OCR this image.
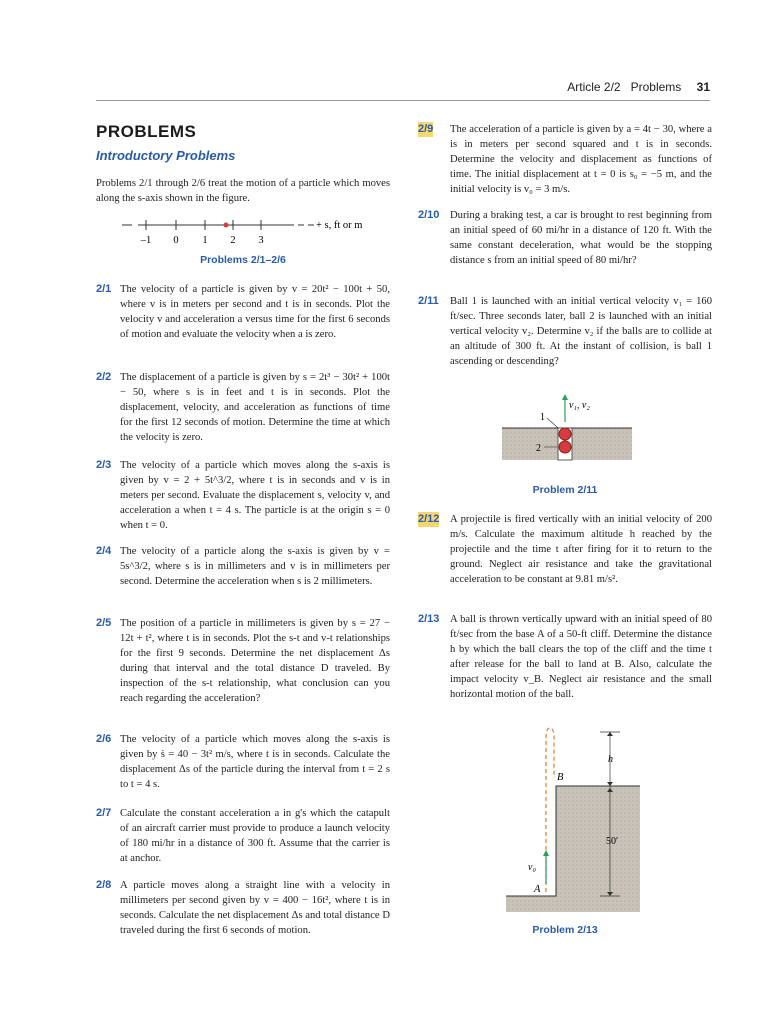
Article 2/2 Problems 31
PROBLEMS
Introductory Problems
Problems 2/1 through 2/6 treat the motion of a particle which moves along the s-axis shown in the figure.
–1 0 1 2 3
+ s, ft or m
Problems 2/1–2/6
2/1 The velocity of a particle is given by v = 20t² − 100t + 50, where v is in meters per second and t is in seconds. Plot the velocity v and acceleration a versus time for the first 6 seconds of motion and evaluate the velocity when a is zero.
2/2 The displacement of a particle is given by s = 2t³ − 30t² + 100t − 50, where s is in feet and t is in seconds. Plot the displacement, velocity, and acceleration as functions of time for the first 12 seconds of motion. Determine the time at which the velocity is zero.
2/3 The velocity of a particle which moves along the s-axis is given by v = 2 + 5t^3/2, where t is in seconds and v is in meters per second. Evaluate the displacement s, velocity v, and acceleration a when t = 4 s. The particle is at the origin s = 0 when t = 0.
2/4 The velocity of a particle along the s-axis is given by v = 5s^3/2, where s is in millimeters and v is in millimeters per second. Determine the acceleration when s is 2 millimeters.
2/5 The position of a particle in millimeters is given by s = 27 − 12t + t², where t is in seconds. Plot the s-t and v-t relationships for the first 9 seconds. Determine the net displacement Δs during that interval and the total distance D traveled. By inspection of the s-t relationship, what conclusion can you reach regarding the acceleration?
2/6 The velocity of a particle which moves along the s-axis is given by ṡ = 40 − 3t² m/s, where t is in seconds. Calculate the displacement Δs of the particle during the interval from t = 2 s to t = 4 s.
2/7 Calculate the constant acceleration a in g's which the catapult of an aircraft carrier must provide to produce a launch velocity of 180 mi/hr in a distance of 300 ft. Assume that the carrier is at anchor.
2/8 A particle moves along a straight line with a velocity in millimeters per second given by v = 400 − 16t², where t is in seconds. Calculate the net displacement Δs and total distance D traveled during the first 6 seconds of motion.
2/9 The acceleration of a particle is given by a = 4t − 30, where a is in meters per second squared and t is in seconds. Determine the velocity and displacement as functions of time. The initial displacement at t = 0 is s₀ = −5 m, and the initial velocity is v₀ = 3 m/s.
2/10 During a braking test, a car is brought to rest beginning from an initial speed of 60 mi/hr in a distance of 120 ft. With the same constant deceleration, what would be the stopping distance s from an initial speed of 80 mi/hr?
2/11 Ball 1 is launched with an initial vertical velocity v₁ = 160 ft/sec. Three seconds later, ball 2 is launched with an initial vertical velocity v₂. Determine v₂ if the balls are to collide at an altitude of 300 ft. At the instant of collision, is ball 1 ascending or descending?
v₁, v₂
1
2
Problem 2/11
2/12 A projectile is fired vertically with an initial velocity of 200 m/s. Calculate the maximum altitude h reached by the projectile and the time t after firing for it to return to the ground. Neglect air resistance and take the gravitational acceleration to be constant at 9.81 m/s².
2/13 A ball is thrown vertically upward with an initial speed of 80 ft/sec from the base A of a 50-ft cliff. Determine the distance h by which the ball clears the top of the cliff and the time t after release for the ball to land at B. Also, calculate the impact velocity v_B. Neglect air resistance and the small horizontal motion of the ball.
v₀
B
A
h
50′
Problem 2/13
